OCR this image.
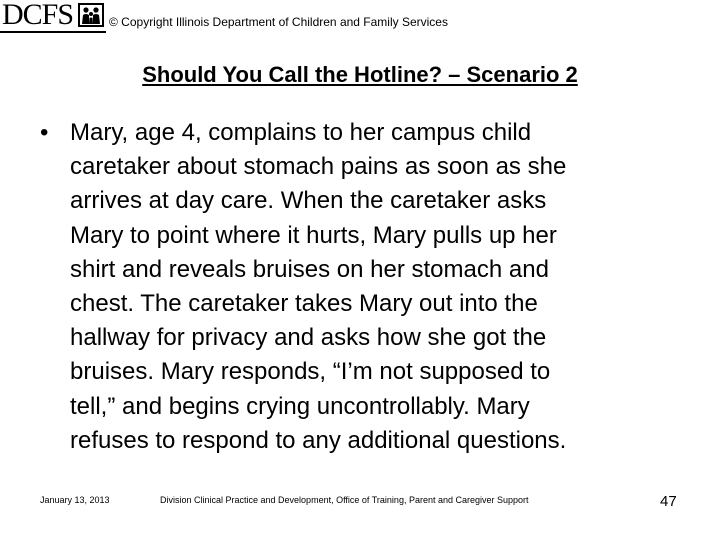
DCFS	© Copyright Illinois Department of Children and Family Services
Should You Call the Hotline? – Scenario 2
• Mary, age 4, complains to her campus child
caretaker about stomach pains as soon as she
arrives at day care. When the caretaker asks
Mary to point where it hurts, Mary pulls up her
shirt and reveals bruises on her stomach and
chest. The caretaker takes Mary out into the
hallway for privacy and asks how she got the
bruises. Mary responds, “I’m not supposed to
tell,” and begins crying uncontrollably. Mary
refuses to respond to any additional questions.
January 13, 2013	Division Clinical Practice and Development, Office of Training, Parent and Caregiver Support	47
